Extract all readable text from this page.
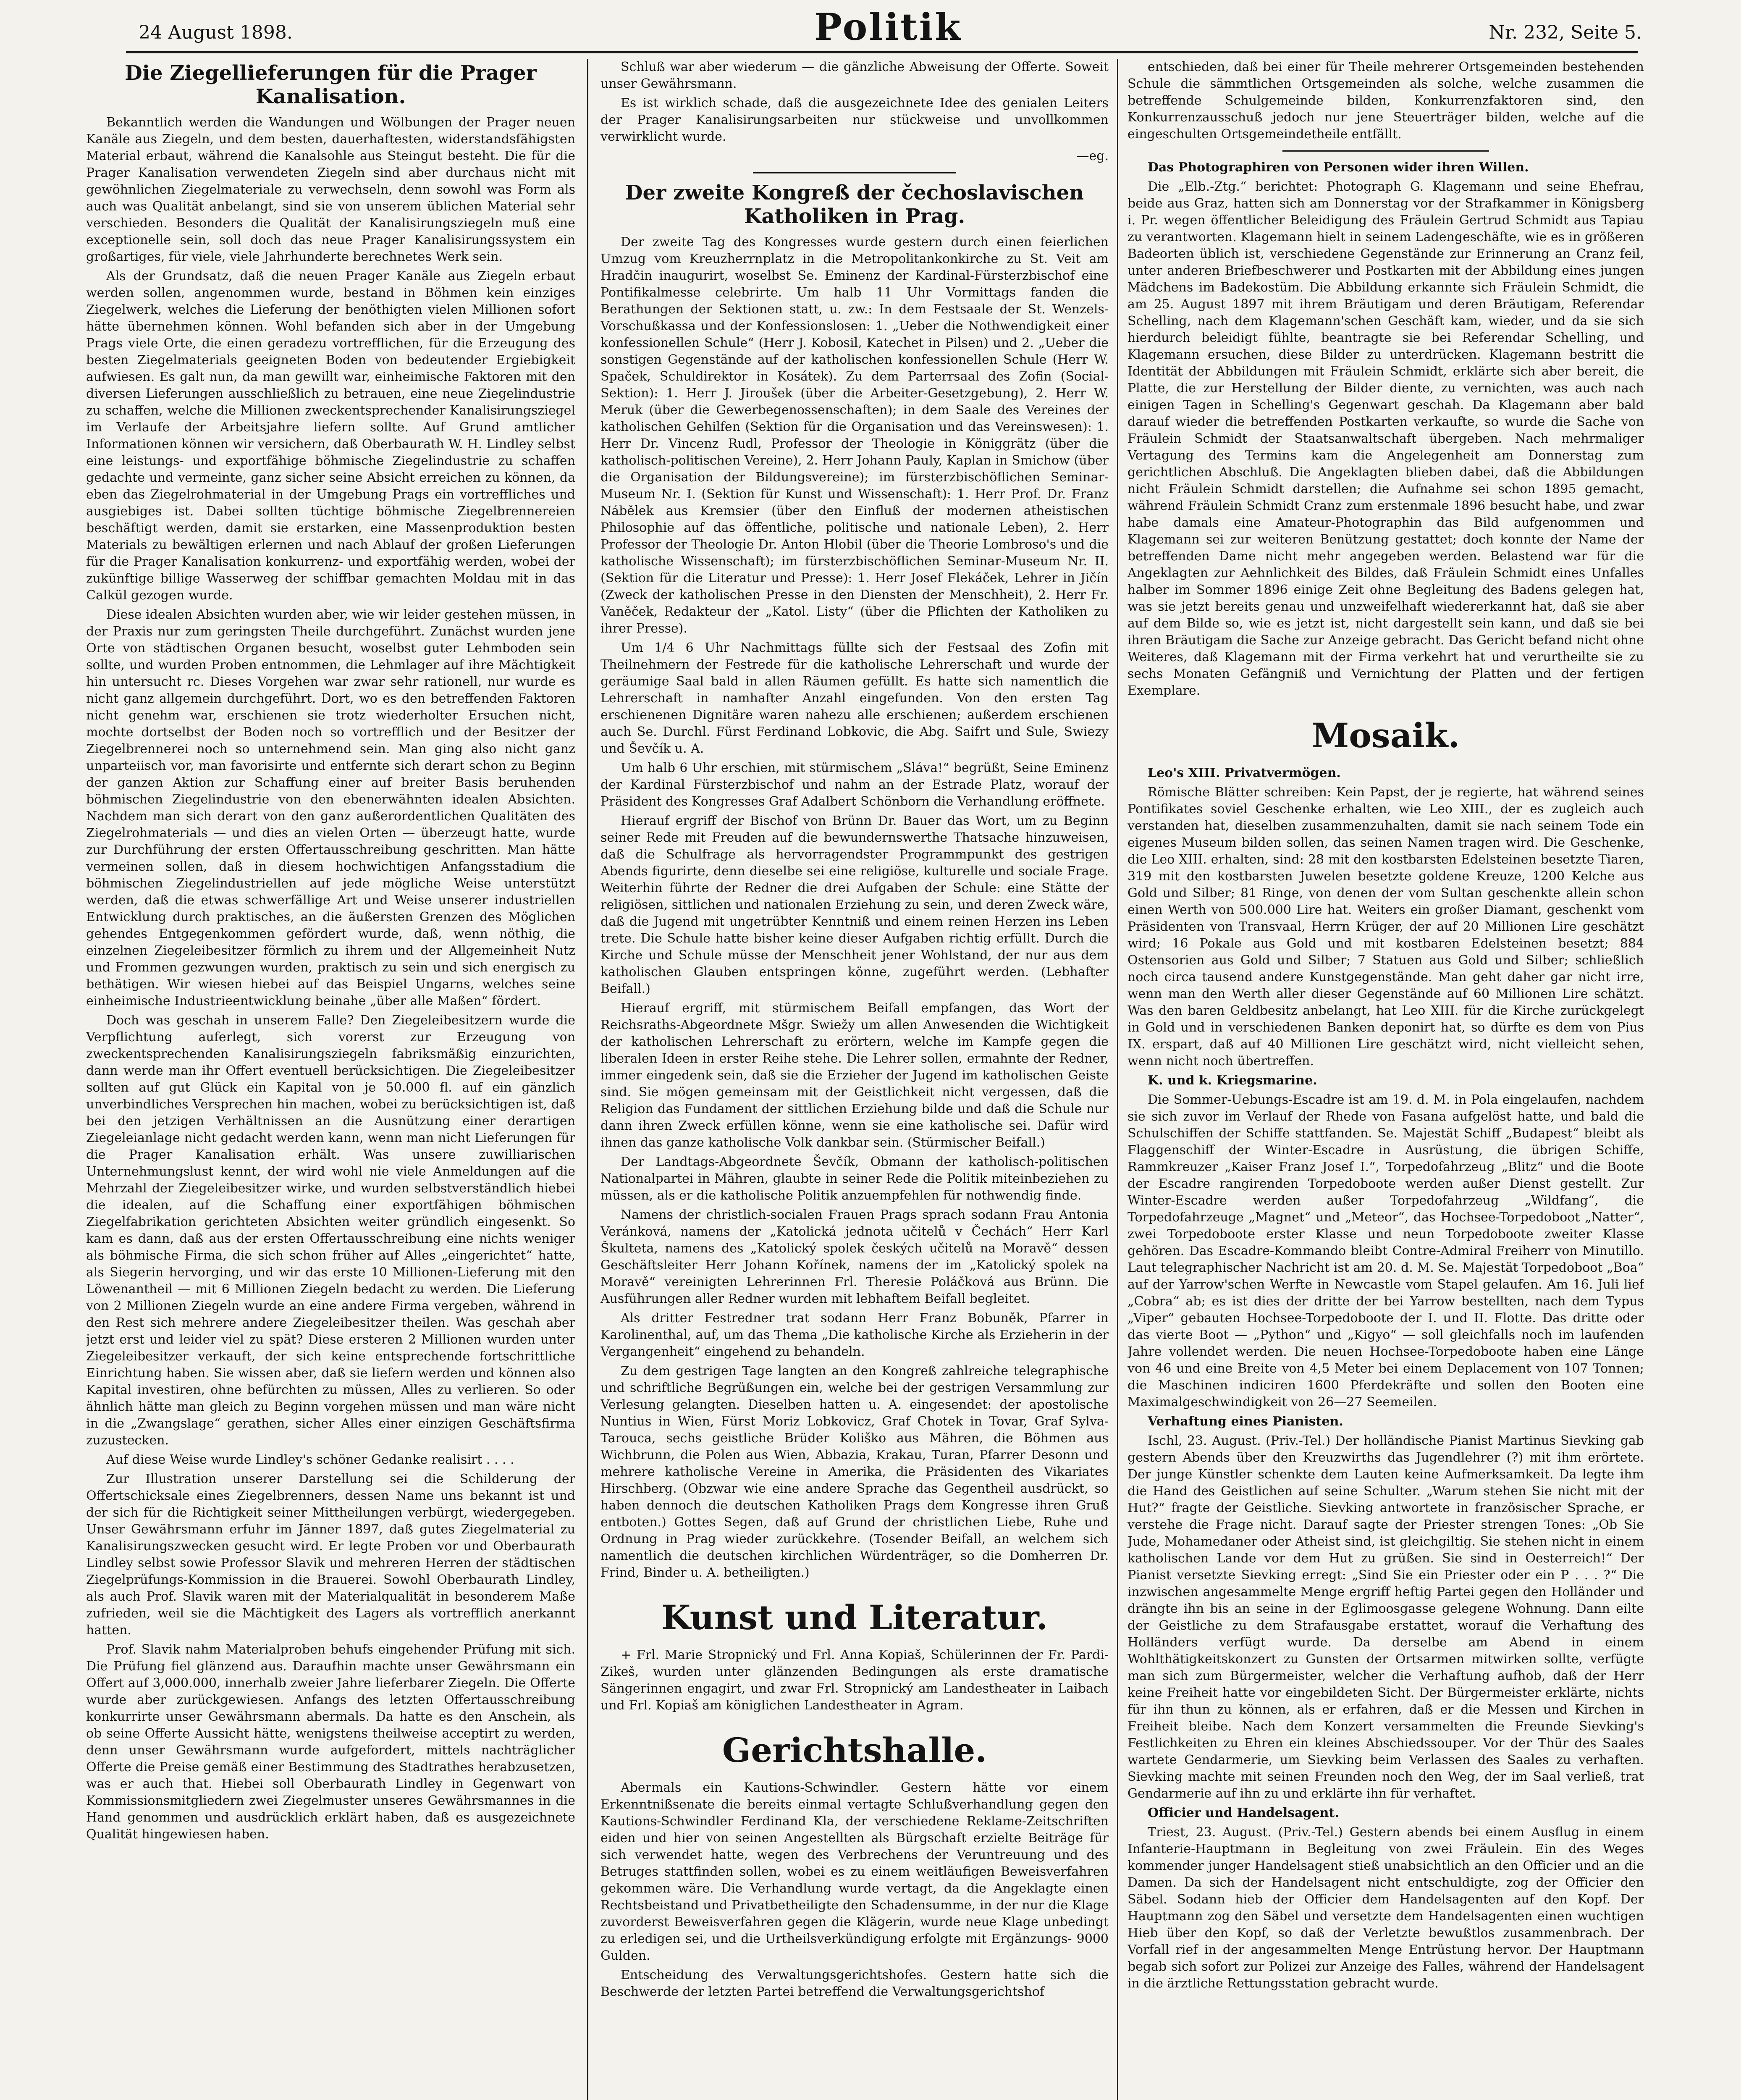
24 August 1898.	Politik	Nr. 232, Seite 5.
Die Ziegellieferungen für die Prager Kanalisation.

Bekanntlich werden die Wandungen und Wölbungen der Prager neuen Kanäle aus Ziegeln, und dem besten, dauerhaftesten, widerstandsfähigsten Material erbaut, während die Kanalsohle aus Steingut besteht. Die für die Prager Kanalisation verwendeten Ziegeln sind aber durchaus nicht mit gewöhnlichen Ziegelmateriale zu verwechseln, denn sowohl was Form als auch was Qualität anbelangt, sind sie von unserem üblichen Material sehr verschieden. Besonders die Qualität der Kanalisirungsziegeln muß eine exceptionelle sein, soll doch das neue Prager Kanalisirungssystem ein großartiges, für viele, viele Jahrhunderte berechnetes Werk sein.

Als der Grundsatz, daß die neuen Prager Kanäle aus Ziegeln erbaut werden sollen, angenommen wurde, bestand in Böhmen kein einziges Ziegelwerk, welches die Lieferung der benöthigten vielen Millionen sofort hätte übernehmen können. Wohl befanden sich aber in der Umgebung Prags viele Orte, die einen geradezu vortrefflichen, für die Erzeugung des besten Ziegelmaterials geeigneten Boden von bedeutender Ergiebigkeit aufwiesen. Es galt nun, da man gewillt war, einheimische Faktoren mit den diversen Lieferungen ausschließlich zu betrauen, eine neue Ziegelindustrie zu schaffen, welche die Millionen zweckentsprechender Kanalisirungsziegel im Verlaufe der Arbeitsjahre liefern sollte. Auf Grund amtlicher Informationen können wir versichern, daß Oberbaurath W. H. Lindley selbst eine leistungs- und exportfähige böhmische Ziegelindustrie zu schaffen gedachte und vermeinte, ganz sicher seine Absicht erreichen zu können, da eben das Ziegelrohmaterial in der Umgebung Prags ein vortreffliches und ausgiebiges ist. Dabei sollten tüchtige böhmische Ziegelbrennereien beschäftigt werden, damit sie erstarken, eine Massenproduktion besten Materials zu bewältigen erlernen und nach Ablauf der großen Lieferungen für die Prager Kanalisation konkurrenz- und exportfähig werden, wobei der zukünftige billige Wasserweg der schiffbar gemachten Moldau mit in das Calkül gezogen wurde.

Diese idealen Absichten wurden aber, wie wir leider gestehen müssen, in der Praxis nur zum geringsten Theile durchgeführt. Zunächst wurden jene Orte von städtischen Organen besucht, woselbst guter Lehmboden sein sollte, und wurden Proben entnommen, die Lehmlager auf ihre Mächtigkeit hin untersucht rc. Dieses Vorgehen war zwar sehr rationell, nur wurde es nicht ganz allgemein durchgeführt. Dort, wo es den betreffenden Faktoren nicht genehm war, erschienen sie trotz wiederholter Ersuchen nicht, mochte dortselbst der Boden noch so vortrefflich und der Besitzer der Ziegelbrennerei noch so unternehmend sein. Man ging also nicht ganz unparteiisch vor, man favorisirte und entfernte sich derart schon zu Beginn der ganzen Aktion zur Schaffung einer auf breiter Basis beruhenden böhmischen Ziegelindustrie von den ebenerwähnten idealen Absichten. Nachdem man sich derart von den ganz außerordentlichen Qualitäten des Ziegelrohmaterials — und dies an vielen Orten — überzeugt hatte, wurde zur Durchführung der ersten Offertausschreibung geschritten. Man hätte vermeinen sollen, daß in diesem hochwichtigen Anfangsstadium die böhmischen Ziegelindustriellen auf jede mögliche Weise unterstützt werden, daß die etwas schwerfällige Art und Weise unserer industriellen Entwicklung durch praktisches, an die äußersten Grenzen des Möglichen gehendes Entgegenkommen gefördert wurde, daß, wenn nöthig, die einzelnen Ziegeleibesitzer förmlich zu ihrem und der Allgemeinheit Nutz und Frommen gezwungen wurden, praktisch zu sein und sich energisch zu bethätigen. Wir wiesen hiebei auf das Beispiel Ungarns, welches seine einheimische Industrieentwicklung beinahe „über alle Maßen“ fördert.

Doch was geschah in unserem Falle? Den Ziegeleibesitzern wurde die Verpflichtung auferlegt, sich vorerst zur Erzeugung von zweckentsprechenden Kanalisirungsziegeln fabriksmäßig einzurichten, dann werde man ihr Offert eventuell berücksichtigen. Die Ziegeleibesitzer sollten auf gut Glück ein Kapital von je 50.000 fl. auf ein gänzlich unverbindliches Versprechen hin machen, wobei zu berücksichtigen ist, daß bei den jetzigen Verhältnissen an die Ausnützung einer derartigen Ziegeleianlage nicht gedacht werden kann, wenn man nicht Lieferungen für die Prager Kanalisation erhält. Was unsere zuwilliarischen Unternehmungslust kennt, der wird wohl nie viele Anmeldungen auf die Mehrzahl der Ziegeleibesitzer wirke, und wurden selbstverständlich hiebei die idealen, auf die Schaffung einer exportfähigen böhmischen Ziegelfabrikation gerichteten Absichten weiter gründlich eingesenkt. So kam es dann, daß aus der ersten Offertausschreibung eine nichts weniger als böhmische Firma, die sich schon früher auf Alles „eingerichtet“ hatte, als Siegerin hervorging, und wir das erste 10 Millionen-Lieferung mit den Löwenantheil — mit 6 Millionen Ziegeln bedacht zu werden. Die Lieferung von 2 Millionen Ziegeln wurde an eine andere Firma vergeben, während in den Rest sich mehrere andere Ziegeleibesitzer theilen. Was geschah aber jetzt erst und leider viel zu spät? Diese ersteren 2 Millionen wurden unter Ziegeleibesitzer verkauft, der sich keine entsprechende fortschrittliche Einrichtung haben. Sie wissen aber, daß sie liefern werden und können also Kapital investiren, ohne befürchten zu müssen, Alles zu verlieren. So oder ähnlich hätte man gleich zu Beginn vorgehen müssen und man wäre nicht in die „Zwangslage“ gerathen, sicher Alles einer einzigen Geschäftsfirma zuzustecken.

Auf diese Weise wurde Lindley's schöner Gedanke realisirt . . . .

Zur Illustration unserer Darstellung sei die Schilderung der Offertschicksale eines Ziegelbrenners, dessen Name uns bekannt ist und der sich für die Richtigkeit seiner Mittheilungen verbürgt, wiedergegeben. Unser Gewährsmann erfuhr im Jänner 1897, daß gutes Ziegelmaterial zu Kanalisirungszwecken gesucht wird. Er legte Proben vor und Oberbaurath Lindley selbst sowie Professor Slavik und mehreren Herren der städtischen Ziegelprüfungs-Kommission in die Brauerei. Sowohl Oberbaurath Lindley, als auch Prof. Slavik waren mit der Materialqualität in besonderem Maße zufrieden, weil sie die Mächtigkeit des Lagers als vortrefflich anerkannt hatten.

Prof. Slavik nahm Materialproben behufs eingehender Prüfung mit sich. Die Prüfung fiel glänzend aus. Daraufhin machte unser Gewährsmann ein Offert auf 3,000.000, innerhalb zweier Jahre lieferbarer Ziegeln. Die Offerte wurde aber zurückgewiesen. Anfangs des letzten Offertausschreibung konkurrirte unser Gewährsmann abermals. Da hatte es den Anschein, als ob seine Offerte Aussicht hätte, wenigstens theilweise acceptirt zu werden, denn unser Gewährsmann wurde aufgefordert, mittels nachträglicher Offerte die Preise gemäß einer Bestimmung des Stadtrathes herabzusetzen, was er auch that. Hiebei soll Oberbaurath Lindley in Gegenwart von Kommissionsmitgliedern zwei Ziegelmuster unseres Gewährsmannes in die Hand genommen und ausdrücklich erklärt haben, daß es ausgezeichnete Qualität hingewiesen haben.

Schluß war aber wiederum — die gänzliche Abweisung der Offerte. Soweit unser Gewährsmann.

Es ist wirklich schade, daß die ausgezeichnete Idee des genialen Leiters der Prager Kanalisirungsarbeiten nur stückweise und unvollkommen verwirklicht wurde.

—eg.
Der zweite Kongreß der čechoslavischen Katholiken in Prag.

Der zweite Tag des Kongresses wurde gestern durch einen feierlichen Umzug vom Kreuzherrnplatz in die Metropolitankonkirche zu St. Veit am Hradčin inaugurirt, woselbst Se. Eminenz der Kardinal-Fürsterzbischof eine Pontifikalmesse celebrirte. Um halb 11 Uhr Vormittags fanden die Berathungen der Sektionen statt, u. zw.: In dem Festsaale der St. Wenzels-Vorschußkassa und der Konfessionslosen: 1. „Ueber die Nothwendigkeit einer konfessionellen Schule“ (Herr J. Kobosil, Katechet in Pilsen) und 2. „Ueber die sonstigen Gegenstände auf der katholischen konfessionellen Schule (Herr W. Spaček, Schuldirektor in Kosátek). Zu dem Parterrsaal des Zofin (Social-Sektion): 1. Herr J. Jiroušek (über die Arbeiter-Gesetzgebung), 2. Herr W. Meruk (über die Gewerbegenossenschaften); in dem Saale des Vereines der katholischen Gehilfen (Sektion für die Organisation und das Vereinswesen): 1. Herr Dr. Vincenz Rudl, Professor der Theologie in Königgrätz (über die katholisch-politischen Vereine), 2. Herr Johann Pauly, Kaplan in Smichow (über die Organisation der Bildungsvereine); im fürsterzbischöflichen Seminar-Museum Nr. I. (Sektion für Kunst und Wissenschaft): 1. Herr Prof. Dr. Franz Nábělek aus Kremsier (über den Einfluß der modernen atheistischen Philosophie auf das öffentliche, politische und nationale Leben), 2. Herr Professor der Theologie Dr. Anton Hlobil (über die Theorie Lombroso's und die katholische Wissenschaft); im fürsterzbischöflichen Seminar-Museum Nr. II. (Sektion für die Literatur und Presse): 1. Herr Josef Flekáček, Lehrer in Jičín (Zweck der katholischen Presse in den Diensten der Menschheit), 2. Herr Fr. Vaněček, Redakteur der „Katol. Listy“ (über die Pflichten der Katholiken zu ihrer Presse).

Um 1/4 6 Uhr Nachmittags füllte sich der Festsaal des Zofin mit Theilnehmern der Festrede für die katholische Lehrerschaft und wurde der geräumige Saal bald in allen Räumen gefüllt. Es hatte sich namentlich die Lehrerschaft in namhafter Anzahl eingefunden. Von den ersten Tag erschienenen Dignitäre waren nahezu alle erschienen; außerdem erschienen auch Se. Durchl. Fürst Ferdinand Lobkovic, die Abg. Saifrt und Sule, Swiezy und Ševčík u. A.

Um halb 6 Uhr erschien, mit stürmischem „Sláva!“ begrüßt, Seine Eminenz der Kardinal Fürsterzbischof und nahm an der Estrade Platz, worauf der Präsident des Kongresses Graf Adalbert Schönborn die Verhandlung eröffnete.

Hierauf ergriff der Bischof von Brünn Dr. Bauer das Wort, um zu Beginn seiner Rede mit Freuden auf die bewundernswerthe Thatsache hinzuweisen, daß die Schulfrage als hervorragendster Programmpunkt des gestrigen Abends figurirte, denn dieselbe sei eine religiöse, kulturelle und sociale Frage. Weiterhin führte der Redner die drei Aufgaben der Schule: eine Stätte der religiösen, sittlichen und nationalen Erziehung zu sein, und deren Zweck wäre, daß die Jugend mit ungetrübter Kenntniß und einem reinen Herzen ins Leben trete. Die Schule hatte bisher keine dieser Aufgaben richtig erfüllt. Durch die Kirche und Schule müsse der Menschheit jener Wohlstand, der nur aus dem katholischen Glauben entspringen könne, zugeführt werden. (Lebhafter Beifall.)

Hierauf ergriff, mit stürmischem Beifall empfangen, das Wort der Reichsraths-Abgeordnete Mšgr. Swiežy um allen Anwesenden die Wichtigkeit der katholischen Lehrerschaft zu erörtern, welche im Kampfe gegen die liberalen Ideen in erster Reihe stehe. Die Lehrer sollen, ermahnte der Redner, immer eingedenk sein, daß sie die Erzieher der Jugend im katholischen Geiste sind. Sie mögen gemeinsam mit der Geistlichkeit nicht vergessen, daß die Religion das Fundament der sittlichen Erziehung bilde und daß die Schule nur dann ihren Zweck erfüllen könne, wenn sie eine katholische sei. Dafür wird ihnen das ganze katholische Volk dankbar sein. (Stürmischer Beifall.)

Der Landtags-Abgeordnete Ševčík, Obmann der katholisch-politischen Nationalpartei in Mähren, glaubte in seiner Rede die Politik miteinbeziehen zu müssen, als er die katholische Politik anzuempfehlen für nothwendig finde.

Namens der christlich-socialen Frauen Prags sprach sodann Frau Antonia Veránková, namens der „Katolická jednota učitelů v Čechách“ Herr Karl Škulteta, namens des „Katolický spolek českých učitelů na Moravě“ dessen Geschäftsleiter Herr Johann Kořínek, namens der im „Katolický spolek na Moravě“ vereinigten Lehrerinnen Frl. Theresie Poláčková aus Brünn. Die Ausführungen aller Redner wurden mit lebhaftem Beifall begleitet.

Als dritter Festredner trat sodann Herr Franz Bobuněk, Pfarrer in Karolinenthal, auf, um das Thema „Die katholische Kirche als Erzieherin in der Vergangenheit“ eingehend zu behandeln.

Zu dem gestrigen Tage langten an den Kongreß zahlreiche telegraphische und schriftliche Begrüßungen ein, welche bei der gestrigen Versammlung zur Verlesung gelangten. Dieselben hatten u. A. eingesendet: der apostolische Nuntius in Wien, Fürst Moriz Lobkovicz, Graf Chotek in Tovar, Graf Sylva-Tarouca, sechs geistliche Brüder Koliško aus Mähren, die Böhmen aus Wichbrunn, die Polen aus Wien, Abbazia, Krakau, Turan, Pfarrer Desonn und mehrere katholische Vereine in Amerika, die Präsidenten des Vikariates Hirschberg. (Obzwar wie eine andere Sprache das Gegentheil ausdrückt, so haben dennoch die deutschen Katholiken Prags dem Kongresse ihren Gruß entboten.) Gottes Segen, daß auf Grund der christlichen Liebe, Ruhe und Ordnung in Prag wieder zurückkehre. (Tosender Beifall, an welchem sich namentlich die deutschen kirchlichen Würdenträger, so die Domherren Dr. Frind, Binder u. A. betheiligten.)

Kunst und Literatur.

+ Frl. Marie Stropnický und Frl. Anna Kopiaš, Schülerinnen der Fr. Pardi-Zikeš, wurden unter glänzenden Bedingungen als erste dramatische Sängerinnen engagirt, und zwar Frl. Stropnický am Landestheater in Laibach und Frl. Kopiaš am königlichen Landestheater in Agram.

Gerichtshalle.

Abermals ein Kautions-Schwindler. Gestern hätte vor einem Erkenntnißsenate die bereits einmal vertagte Schlußverhandlung gegen den Kautions-Schwindler Ferdinand Kla, der verschiedene Reklame-Zeitschriften eiden und hier von seinen Angestellten als Bürgschaft erzielte Beiträge für sich verwendet hatte, wegen des Verbrechens der Veruntreuung und des Betruges stattfinden sollen, wobei es zu einem weitläufigen Beweisverfahren gekommen wäre. Die Verhandlung wurde vertagt, da die Angeklagte einen Rechtsbeistand und Privatbetheiligte den Schadensumme, in der nur die Klage zuvorderst Beweisverfahren gegen die Klägerin, wurde neue Klage unbedingt zu erledigen sei, und die Urtheilsverkündigung erfolgte mit Ergänzungs- 9000 Gulden.

Entscheidung des Verwaltungsgerichtshofes. Gestern hatte sich die Beschwerde der letzten Partei betreffend die Verwaltungsgerichtshof

entschieden, daß bei einer für Theile mehrerer Ortsgemeinden bestehenden Schule die sämmtlichen Ortsgemeinden als solche, welche zusammen die betreffende Schulgemeinde bilden, Konkurrenzfaktoren sind, den Konkurrenzausschuß jedoch nur jene Steuerträger bilden, welche auf die eingeschulten Ortsgemeindetheile entfällt.

Das Photographiren von Personen wider ihren Willen.

Die „Elb.-Ztg.“ berichtet: Photograph G. Klagemann und seine Ehefrau, beide aus Graz, hatten sich am Donnerstag vor der Strafkammer in Königsberg i. Pr. wegen öffentlicher Beleidigung des Fräulein Gertrud Schmidt aus Tapiau zu verantworten. Klagemann hielt in seinem Ladengeschäfte, wie es in größeren Badeorten üblich ist, verschiedene Gegenstände zur Erinnerung an Cranz feil, unter anderen Briefbeschwerer und Postkarten mit der Abbildung eines jungen Mädchens im Badekostüm. Die Abbildung erkannte sich Fräulein Schmidt, die am 25. August 1897 mit ihrem Bräutigam und deren Bräutigam, Referendar Schelling, nach dem Klagemann'schen Geschäft kam, wieder, und da sie sich hierdurch beleidigt fühlte, beantragte sie bei Referendar Schelling, und Klagemann ersuchen, diese Bilder zu unterdrücken. Klagemann bestritt die Identität der Abbildungen mit Fräulein Schmidt, erklärte sich aber bereit, die Platte, die zur Herstellung der Bilder diente, zu vernichten, was auch nach einigen Tagen in Schelling's Gegenwart geschah. Da Klagemann aber bald darauf wieder die betreffenden Postkarten verkaufte, so wurde die Sache von Fräulein Schmidt der Staatsanwaltschaft übergeben. Nach mehrmaliger Vertagung des Termins kam die Angelegenheit am Donnerstag zum gerichtlichen Abschluß. Die Angeklagten blieben dabei, daß die Abbildungen nicht Fräulein Schmidt darstellen; die Aufnahme sei schon 1895 gemacht, während Fräulein Schmidt Cranz zum erstenmale 1896 besucht habe, und zwar habe damals eine Amateur-Photographin das Bild aufgenommen und Klagemann sei zur weiteren Benützung gestattet; doch konnte der Name der betreffenden Dame nicht mehr angegeben werden. Belastend war für die Angeklagten zur Aehnlichkeit des Bildes, daß Fräulein Schmidt eines Unfalles halber im Sommer 1896 einige Zeit ohne Begleitung des Badens gelegen hat, was sie jetzt bereits genau und unzweifelhaft wiedererkannt hat, daß sie aber auf dem Bilde so, wie es jetzt ist, nicht dargestellt sein kann, und daß sie bei ihren Bräutigam die Sache zur Anzeige gebracht. Das Gericht befand nicht ohne Weiteres, daß Klagemann mit der Firma verkehrt hat und verurtheilte sie zu sechs Monaten Gefängniß und Vernichtung der Platten und der fertigen Exemplare.

Mosaik.

Leo's XIII. Privatvermögen.

Römische Blätter schreiben: Kein Papst, der je regierte, hat während seines Pontifikates soviel Geschenke erhalten, wie Leo XIII., der es zugleich auch verstanden hat, dieselben zusammenzuhalten, damit sie nach seinem Tode ein eigenes Museum bilden sollen, das seinen Namen tragen wird. Die Geschenke, die Leo XIII. erhalten, sind: 28 mit den kostbarsten Edelsteinen besetzte Tiaren, 319 mit den kostbarsten Juwelen besetzte goldene Kreuze, 1200 Kelche aus Gold und Silber; 81 Ringe, von denen der vom Sultan geschenkte allein schon einen Werth von 500.000 Lire hat. Weiters ein großer Diamant, geschenkt vom Präsidenten von Transvaal, Herrn Krüger, der auf 20 Millionen Lire geschätzt wird; 16 Pokale aus Gold und mit kostbaren Edelsteinen besetzt; 884 Ostensorien aus Gold und Silber; 7 Statuen aus Gold und Silber; schließlich noch circa tausend andere Kunstgegenstände. Man geht daher gar nicht irre, wenn man den Werth aller dieser Gegenstände auf 60 Millionen Lire schätzt. Was den baren Geldbesitz anbelangt, hat Leo XIII. für die Kirche zurückgelegt in Gold und in verschiedenen Banken deponirt hat, so dürfte es dem von Pius IX. erspart, daß auf 40 Millionen Lire geschätzt wird, nicht vielleicht sehen, wenn nicht noch übertreffen.

K. und k. Kriegsmarine.

Die Sommer-Uebungs-Escadre ist am 19. d. M. in Pola eingelaufen, nachdem sie sich zuvor im Verlauf der Rhede von Fasana aufgelöst hatte, und bald die Schulschiffen der Schiffe stattfanden. Se. Majestät Schiff „Budapest“ bleibt als Flaggenschiff der Winter-Escadre in Ausrüstung, die übrigen Schiffe, Rammkreuzer „Kaiser Franz Josef I.“, Torpedofahrzeug „Blitz“ und die Boote der Escadre rangirenden Torpedoboote werden außer Dienst gestellt. Zur Winter-Escadre werden außer Torpedofahrzeug „Wildfang“, die Torpedofahrzeuge „Magnet“ und „Meteor“, das Hochsee-Torpedoboot „Natter“, zwei Torpedoboote erster Klasse und neun Torpedoboote zweiter Klasse gehören. Das Escadre-Kommando bleibt Contre-Admiral Freiherr von Minutillo. Laut telegraphischer Nachricht ist am 20. d. M. Se. Majestät Torpedoboot „Boa“ auf der Yarrow'schen Werfte in Newcastle vom Stapel gelaufen. Am 16. Juli lief „Cobra“ ab; es ist dies der dritte der bei Yarrow bestellten, nach dem Typus „Viper“ gebauten Hochsee-Torpedoboote der I. und II. Flotte. Das dritte oder das vierte Boot — „Python“ und „Kigyo“ — soll gleichfalls noch im laufenden Jahre vollendet werden. Die neuen Hochsee-Torpedoboote haben eine Länge von 46 und eine Breite von 4,5 Meter bei einem Deplacement von 107 Tonnen; die Maschinen indiciren 1600 Pferdekräfte und sollen den Booten eine Maximalgeschwindigkeit von 26—27 Seemeilen.

Verhaftung eines Pianisten.

Ischl, 23. August. (Priv.-Tel.) Der holländische Pianist Martinus Sievking gab gestern Abends über den Kreuzwirths das Jugendlehrer (?) mit ihm erörtete. Der junge Künstler schenkte dem Lauten keine Aufmerksamkeit. Da legte ihm die Hand des Geistlichen auf seine Schulter. „Warum stehen Sie nicht mit der Hut?“ fragte der Geistliche. Sievking antwortete in französischer Sprache, er verstehe die Frage nicht. Darauf sagte der Priester strengen Tones: „Ob Sie Jude, Mohamedaner oder Atheist sind, ist gleichgiltig. Sie stehen nicht in einem katholischen Lande vor dem Hut zu grüßen. Sie sind in Oesterreich!“ Der Pianist versetzte Sievking erregt: „Sind Sie ein Priester oder ein P . . . ?“ Die inzwischen angesammelte Menge ergriff heftig Partei gegen den Holländer und drängte ihn bis an seine in der Eglimoosgasse gelegene Wohnung. Dann eilte der Geistliche zu dem Strafausgabe erstattet, worauf die Verhaftung des Holländers verfügt wurde. Da derselbe am Abend in einem Wohlthätigkeitskonzert zu Gunsten der Ortsarmen mitwirken sollte, verfügte man sich zum Bürgermeister, welcher die Verhaftung aufhob, daß der Herr keine Freiheit hatte vor eingebildeten Sicht. Der Bürgermeister erklärte, nichts für ihn thun zu können, als er erfahren, daß er die Messen und Kirchen in Freiheit bleibe. Nach dem Konzert versammelten die Freunde Sievking's Festlichkeiten zu Ehren ein kleines Abschiedssouper. Vor der Thür des Saales wartete Gendarmerie, um Sievking beim Verlassen des Saales zu verhaften. Sievking machte mit seinen Freunden noch den Weg, der im Saal verließ, trat Gendarmerie auf ihn zu und erklärte ihn für verhaftet.

Officier und Handelsagent.

Triest, 23. August. (Priv.-Tel.) Gestern abends bei einem Ausflug in einem Infanterie-Hauptmann in Begleitung von zwei Fräulein. Ein des Weges kommender junger Handelsagent stieß unabsichtlich an den Officier und an die Damen. Da sich der Handelsagent nicht entschuldigte, zog der Officier den Säbel. Sodann hieb der Officier dem Handelsagenten auf den Kopf. Der Hauptmann zog den Säbel und versetzte dem Handelsagenten einen wuchtigen Hieb über den Kopf, so daß der Verletzte bewußtlos zusammenbrach. Der Vorfall rief in der angesammelten Menge Entrüstung hervor. Der Hauptmann begab sich sofort zur Polizei zur Anzeige des Falles, während der Handelsagent in die ärztliche Rettungsstation gebracht wurde.
